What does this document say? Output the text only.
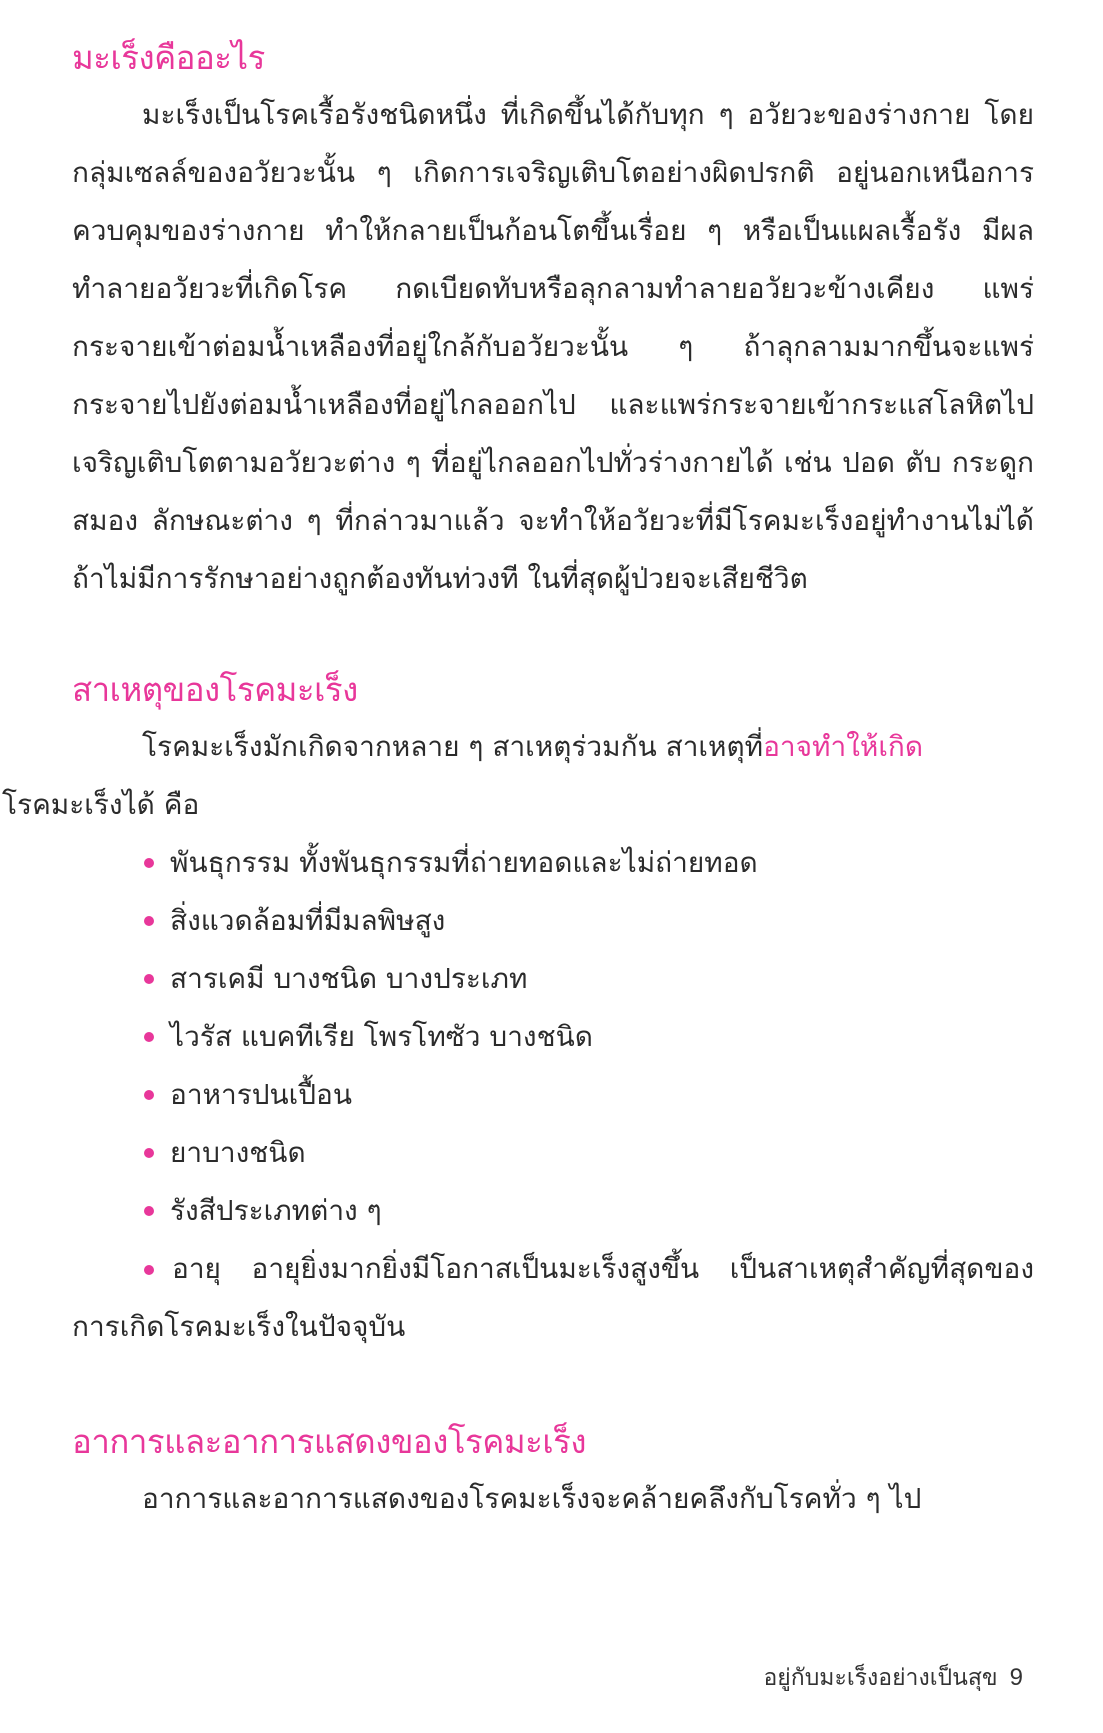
มะเร็งคืออะไร

มะเร็งเป็นโรคเรื้อรังชนิดหนึ่ง ที่เกิดขึ้นได้กับทุก ๆ อวัยวะของร่างกาย โดยกลุ่มเซลล์ของอวัยวะนั้น ๆ เกิดการเจริญเติบโตอย่างผิดปรกติ อยู่นอกเหนือการควบคุมของร่างกาย ทำให้กลายเป็นก้อนโตขึ้นเรื่อย ๆ หรือเป็นแผลเรื้อรัง มีผลทำลายอวัยวะที่เกิดโรค กดเบียดทับหรือลุกลามทำลายอวัยวะข้างเคียง แพร่กระจายเข้าต่อมน้ำเหลืองที่อยู่ใกล้กับอวัยวะนั้น ๆ ถ้าลุกลามมากขึ้นจะแพร่กระจายไปยังต่อมน้ำเหลืองที่อยู่ไกลออกไป และแพร่กระจายเข้ากระแสโลหิตไปเจริญเติบโตตามอวัยวะต่าง ๆ ที่อยู่ไกลออกไปทั่วร่างกายได้ เช่น ปอด ตับ กระดูก สมอง ลักษณะต่าง ๆ ที่กล่าวมาแล้ว จะทำให้อวัยวะที่มีโรคมะเร็งอยู่ทำงานไม่ได้ ถ้าไม่มีการรักษาอย่างถูกต้องทันท่วงที ในที่สุดผู้ป่วยจะเสียชีวิต

สาเหตุของโรคมะเร็ง

โรคมะเร็งมักเกิดจากหลาย ๆ สาเหตุร่วมกัน สาเหตุที่อาจทำให้เกิด
โรคมะเร็งได้ คือ

พันธุกรรม ทั้งพันธุกรรมที่ถ่ายทอดและไม่ถ่ายทอด
สิ่งแวดล้อมที่มีมลพิษสูง
สารเคมี บางชนิด บางประเภท
ไวรัส แบคทีเรีย โพรโทซัว บางชนิด
อาหารปนเปื้อน
ยาบางชนิด
รังสีประเภทต่าง ๆ

อายุ อายุยิ่งมากยิ่งมีโอกาสเป็นมะเร็งสูงขึ้น เป็นสาเหตุสำคัญที่สุดของการเกิดโรคมะเร็งในปัจจุบัน

อาการและอาการแสดงของโรคมะเร็ง

อาการและอาการแสดงของโรคมะเร็งจะคล้ายคลึงกับโรคทั่ว ๆ ไป

อยู่กับมะเร็งอย่างเป็นสุข 9
